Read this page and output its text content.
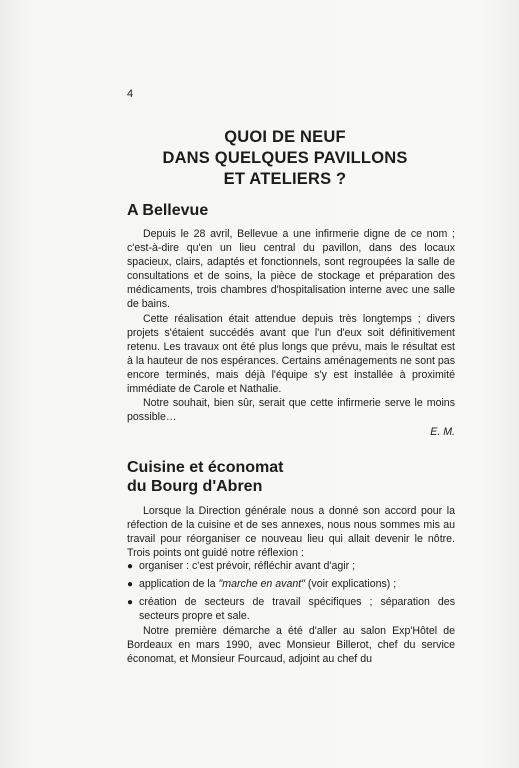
4
QUOI DE NEUF
DANS QUELQUES PAVILLONS
ET ATELIERS ?
A Bellevue
Depuis le 28 avril, Bellevue a une infirmerie digne de ce nom ; c'est-à-dire qu'en un lieu central du pavillon, dans des locaux spacieux, clairs, adaptés et fonctionnels, sont regroupées la salle de consultations et de soins, la pièce de stockage et préparation des médicaments, trois chambres d'hospitalisation interne avec une salle de bains.
Cette réalisation était attendue depuis très longtemps ; divers projets s'étaient succédés avant que l'un d'eux soit définitivement retenu. Les travaux ont été plus longs que prévu, mais le résultat est à la hauteur de nos espérances. Certains aménagements ne sont pas encore terminés, mais déjà l'équipe s'y est installée à proximité immédiate de Carole et Nathalie.
Notre souhait, bien sûr, serait que cette infirmerie serve le moins possible…
E. M.
Cuisine et économat
du Bourg d'Abren
Lorsque la Direction générale nous a donné son accord pour la réfection de la cuisine et de ses annexes, nous nous sommes mis au travail pour réorganiser ce nouveau lieu qui allait devenir le nôtre. Trois points ont guidé notre réflexion :
● organiser : c'est prévoir, réfléchir avant d'agir ;
● application de la "marche en avant" (voir explications) ;
● création de secteurs de travail spécifiques ; séparation des secteurs propre et sale.
Notre première démarche a été d'aller au salon Exp'Hôtel de Bordeaux en mars 1990, avec Monsieur Billerot, chef du service économat, et Monsieur Fourcaud, adjoint au chef du
